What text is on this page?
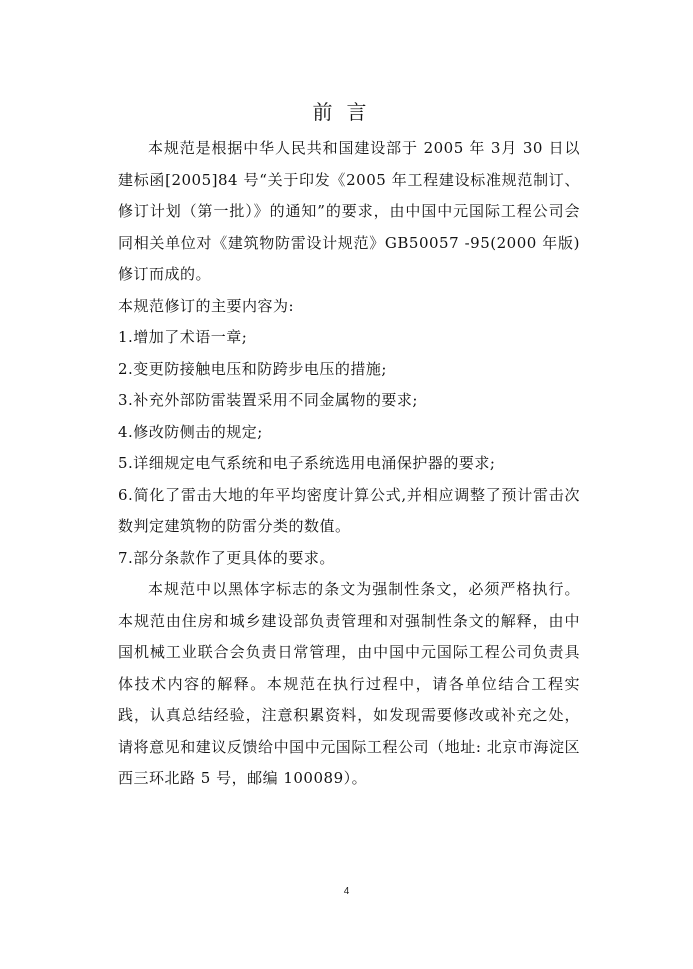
前言

本规范是根据中华人民共和国建设部于 2005 年 3月 30 日以建标函[2005]84 号“关于印发《2005 年工程建设标准规范制订、修订计划（第一批）》的通知”的要求，由中国中元国际工程公司会同相关单位对《建筑物防雷设计规范》GB50057 -95(2000 年版)修订而成的。

本规范修订的主要内容为:

1.增加了术语一章;

2.变更防接触电压和防跨步电压的措施;

3.补充外部防雷装置采用不同金属物的要求;

4.修改防侧击的规定;

5.详细规定电气系统和电子系统选用电涌保护器的要求;

6.简化了雷击大地的年平均密度计算公式,并相应调整了预计雷击次数判定建筑物的防雷分类的数值。

7.部分条款作了更具体的要求。

本规范中以黑体字标志的条文为强制性条文，必须严格执行。本规范由住房和城乡建设部负责管理和对强制性条文的解释，由中国机械工业联合会负责日常管理，由中国中元国际工程公司负责具体技术内容的解释。本规范在执行过程中，请各单位结合工程实践，认真总结经验，注意积累资料，如发现需要修改或补充之处，请将意见和建议反馈给中国中元国际工程公司（地址: 北京市海淀区西三环北路 5 号，邮编 100089）。

4
